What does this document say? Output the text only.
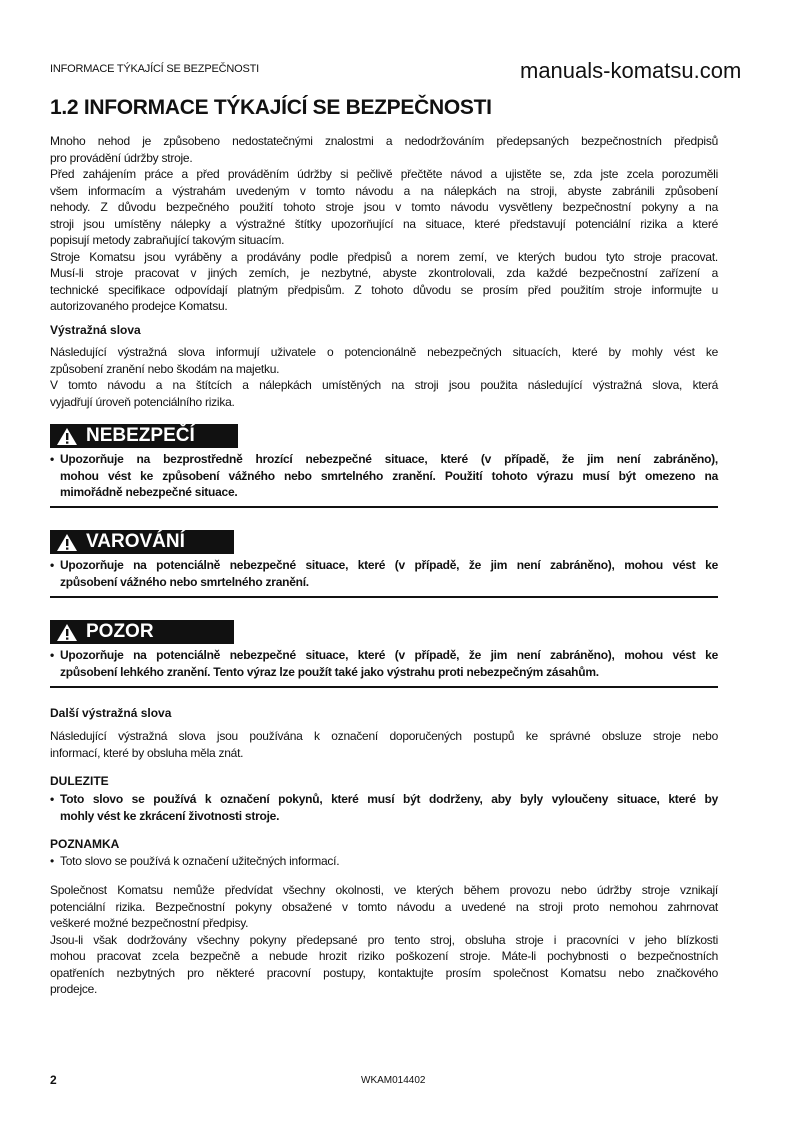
INFORMACE TÝKAJÍCÍ SE BEZPEČNOSTI	manuals-komatsu.com
1.2 INFORMACE TÝKAJÍCÍ SE BEZPEČNOSTI
Mnoho nehod je způsobeno nedostatečnými znalostmi a nedodržováním předepsaných bezpečnostních předpisů
pro provádění údržby stroje.
Před zahájením práce a před prováděním údržby si pečlivě přečtěte návod a ujistěte se, zda jste zcela porozuměli
všem informacím a výstrahám uvedeným v tomto návodu a na nálepkách na stroji, abyste zabránili způsobení
nehody. Z důvodu bezpečného použití tohoto stroje jsou v tomto návodu vysvětleny bezpečnostní pokyny a na
stroji jsou umístěny nálepky a výstražné štítky upozorňující na situace, které představují potenciální rizika a které
popisují metody zabraňující takovým situacím.
Stroje Komatsu jsou vyráběny a prodávány podle předpisů a norem zemí, ve kterých budou tyto stroje pracovat.
Musí-li stroje pracovat v jiných zemích, je nezbytné, abyste zkontrolovali, zda každé bezpečnostní zařízení a
technické specifikace odpovídají platným předpisům. Z tohoto důvodu se prosím před použitím stroje informujte u
autorizovaného prodejce Komatsu.
Výstražná slova
Následující výstražná slova informují uživatele o potencionálně nebezpečných situacích, které by mohly vést ke
způsobení zranění nebo škodám na majetku.
V tomto návodu a na štítcích a nálepkách umístěných na stroji jsou použita následující výstražná slova, která
vyjadřují úroveň potenciálního rizika.
NEBEZPEČÍ
• Upozorňuje na bezprostředně hrozící nebezpečné situace, které (v případě, že jim není zabráněno),
mohou vést ke způsobení vážného nebo smrtelného zranění. Použití tohoto výrazu musí být omezeno na
mimořádně nebezpečné situace.
VAROVÁNÍ
• Upozorňuje na potenciálně nebezpečné situace, které (v případě, že jim není zabráněno), mohou vést ke
způsobení vážného nebo smrtelného zranění.
POZOR
• Upozorňuje na potenciálně nebezpečné situace, které (v případě, že jim není zabráněno), mohou vést ke
způsobení lehkého zranění. Tento výraz lze použít také jako výstrahu proti nebezpečným zásahům.
Další výstražná slova
Následující výstražná slova jsou používána k označení doporučených postupů ke správné obsluze stroje nebo
informací, které by obsluha měla znát.
DULEZITE
• Toto slovo se používá k označení pokynů, které musí být dodrženy, aby byly vyloučeny situace, které by
mohly vést ke zkrácení životnosti stroje.
POZNAMKA
• Toto slovo se používá k označení užitečných informací.
Společnost Komatsu nemůže předvídat všechny okolnosti, ve kterých během provozu nebo údržby stroje vznikají
potenciální rizika. Bezpečnostní pokyny obsažené v tomto návodu a uvedené na stroji proto nemohou zahrnovat
veškeré možné bezpečnostní předpisy.
Jsou-li však dodržovány všechny pokyny předepsané pro tento stroj, obsluha stroje i pracovníci v jeho blízkosti
mohou pracovat zcela bezpečně a nebude hrozit riziko poškození stroje. Máte-li pochybnosti o bezpečnostních
opatřeních nezbytných pro některé pracovní postupy, kontaktujte prosím společnost Komatsu nebo značkového
prodejce.
2	WKAM014402
